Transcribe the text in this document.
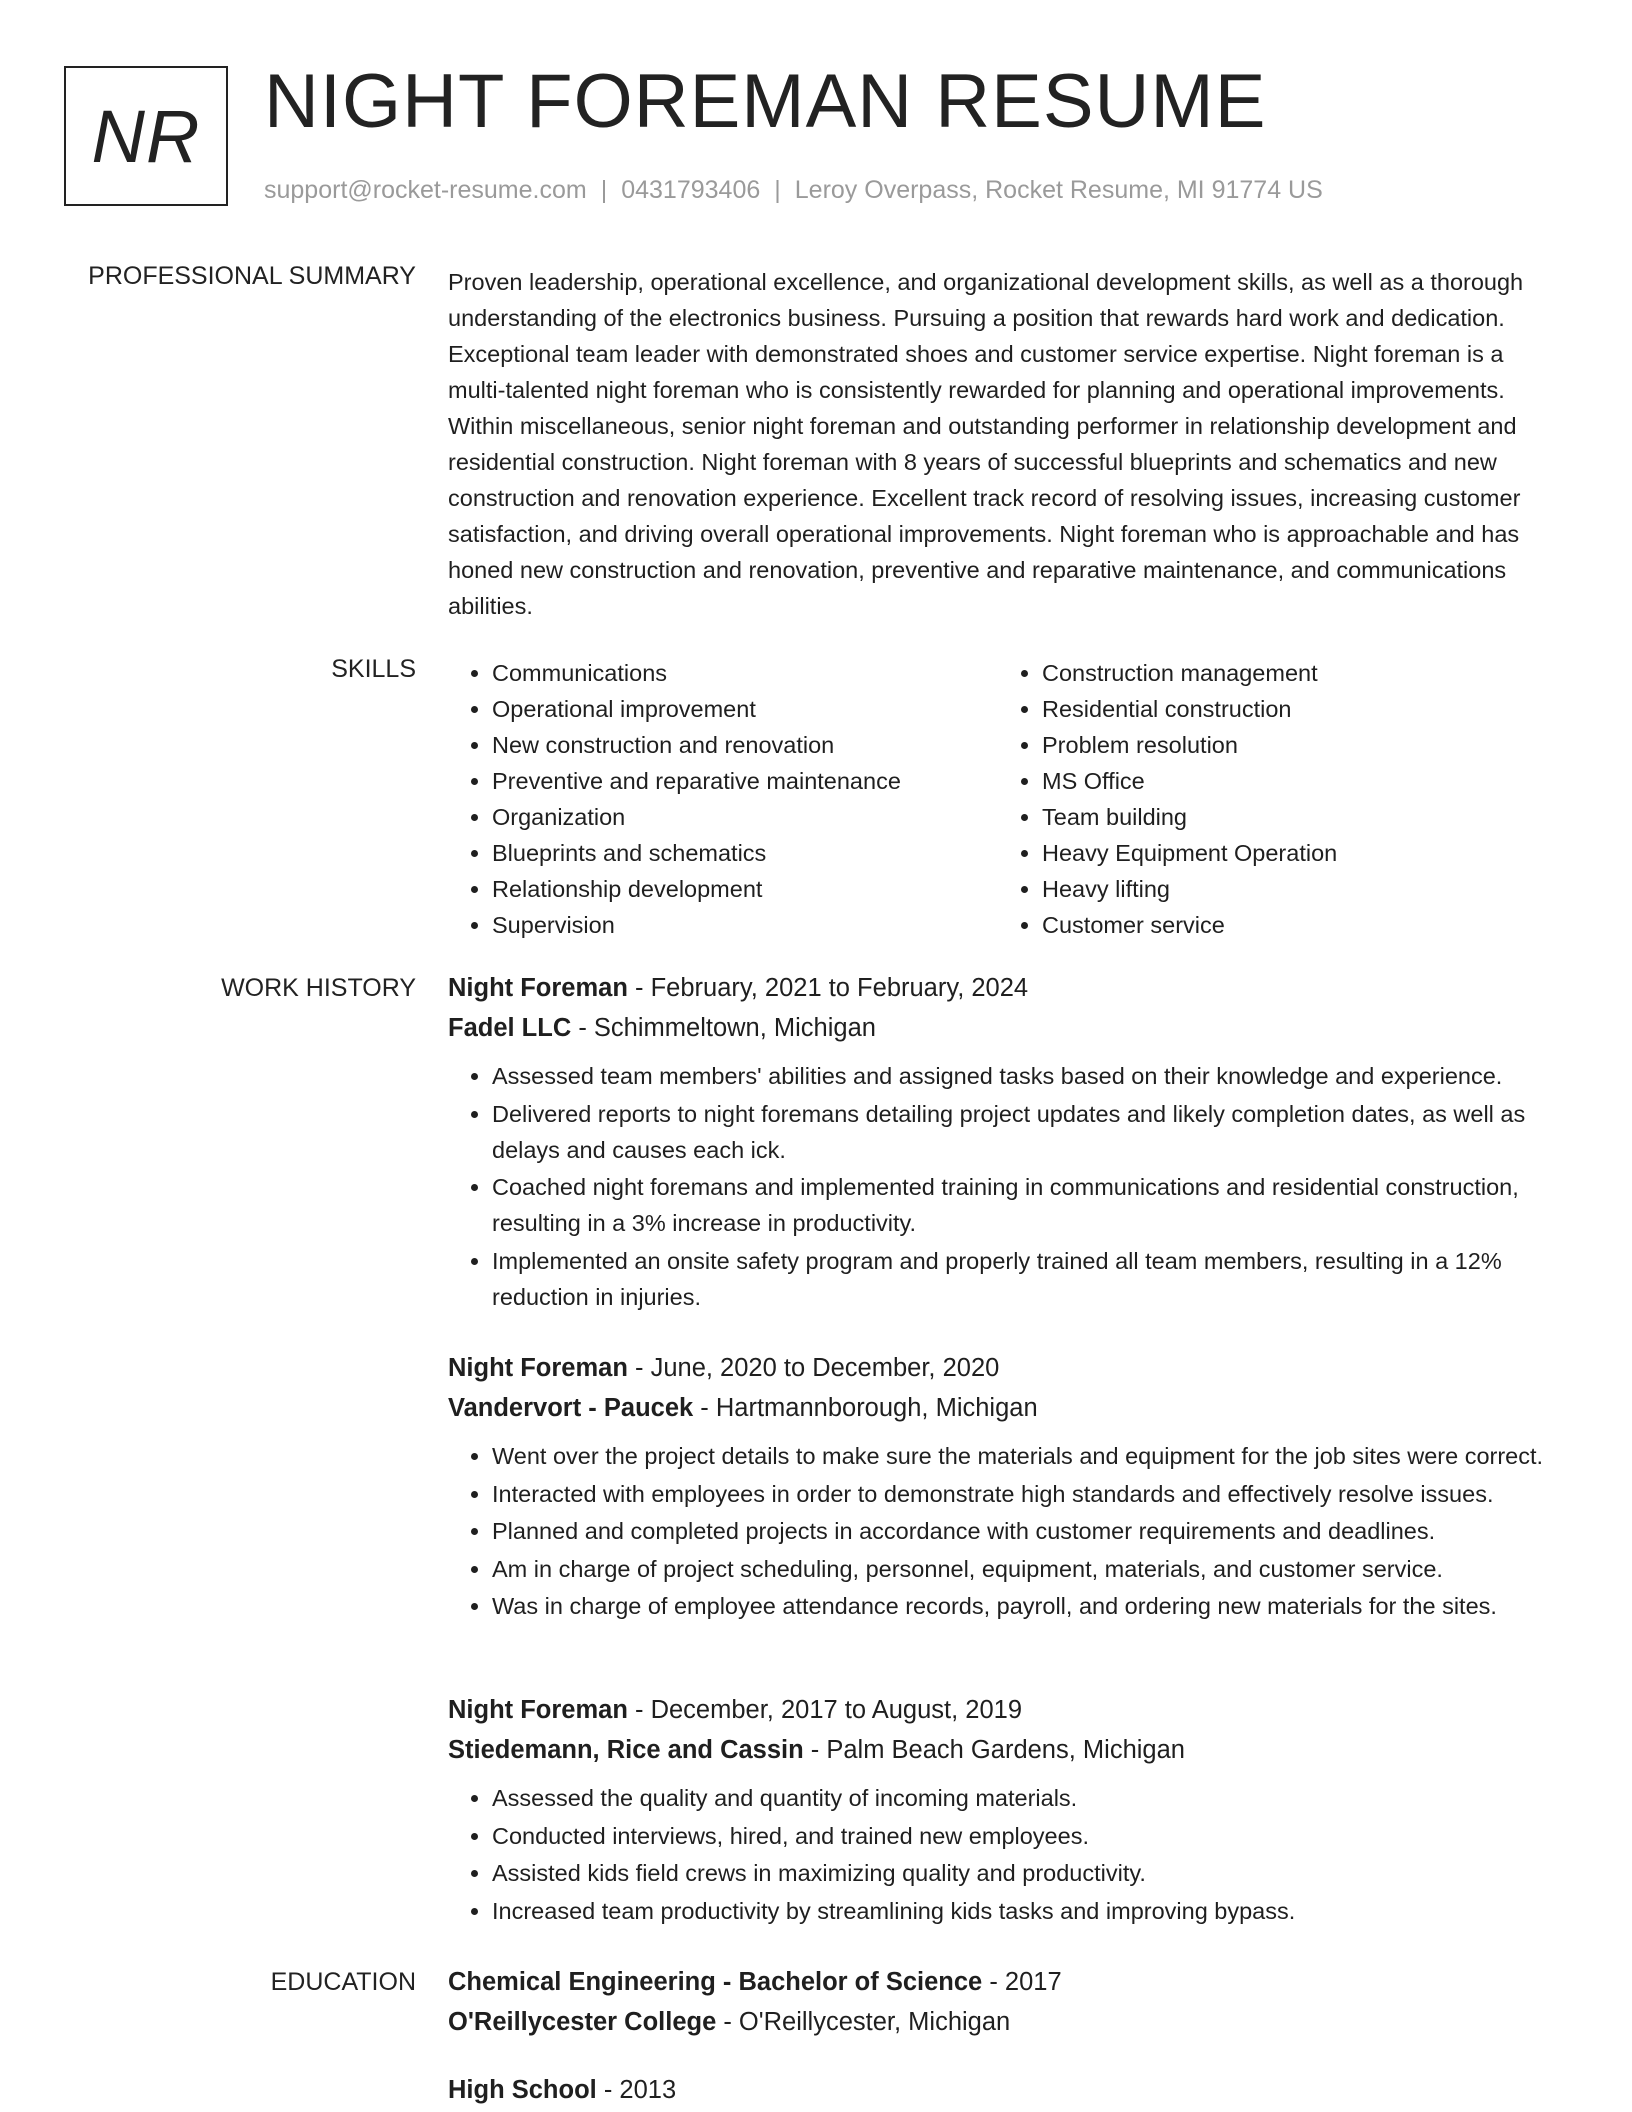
NR NIGHT FOREMAN RESUME
support@rocket-resume.com | 0431793406 | Leroy Overpass, Rocket Resume, MI 91774 US
PROFESSIONAL SUMMARY Proven leadership, operational excellence, and organizational development skills, as well as a thorough understanding of the electronics business. Pursuing a position that rewards hard work and dedication. Exceptional team leader with demonstrated shoes and customer service expertise. Night foreman is a multi-talented night foreman who is consistently rewarded for planning and operational improvements. Within miscellaneous, senior night foreman and outstanding performer in relationship development and residential construction. Night foreman with 8 years of successful blueprints and schematics and new construction and renovation experience. Excellent track record of resolving issues, increasing customer satisfaction, and driving overall operational improvements. Night foreman who is approachable and has honed new construction and renovation, preventive and reparative maintenance, and communications abilities.

SKILLS
•	Communications
• Operational improvement
• New construction and renovation
• Preventive and reparative maintenance
• Organization
• Blueprints and schematics
• Relationship development
• Supervision
• Construction management
• Residential construction
• Problem resolution
• MS Office
• Team building
• Heavy Equipment Operation
• Heavy lifting
• Customer service
WORK HISTORY Night Foreman - February, 2021 to February, 2024
Fadel LLC - Schimmeltown, Michigan
• Assessed team members' abilities and assigned tasks based on their knowledge and experience.
• Delivered reports to night foremans detailing project updates and likely completion dates, as well as delays and causes each ick.
• Coached night foremans and implemented training in communications and residential construction, resulting in a 3% increase in productivity.
• Implemented an onsite safety program and properly trained all team members, resulting in a 12% reduction in injuries.
Night Foreman - June, 2020 to December, 2020
Vandervort - Paucek - Hartmannborough, Michigan
• Went over the project details to make sure the materials and equipment for the job sites were correct.
• Interacted with employees in order to demonstrate high standards and effectively resolve issues.
• Planned and completed projects in accordance with customer requirements and deadlines.
• Am in charge of project scheduling, personnel, equipment, materials, and customer service.
• Was in charge of employee attendance records, payroll, and ordering new materials for the sites.
Night Foreman - December, 2017 to August, 2019
Stiedemann, Rice and Cassin - Palm Beach Gardens, Michigan
• Assessed the quality and quantity of incoming materials.
• Conducted interviews, hired, and trained new employees.
• Assisted kids field crews in maximizing quality and productivity.
• Increased team productivity by streamlining kids tasks and improving bypass.
EDUCATION Chemical Engineering - Bachelor of Science - 2017
O'Reillycester College - O'Reillycester, Michigan
High School - 2013
